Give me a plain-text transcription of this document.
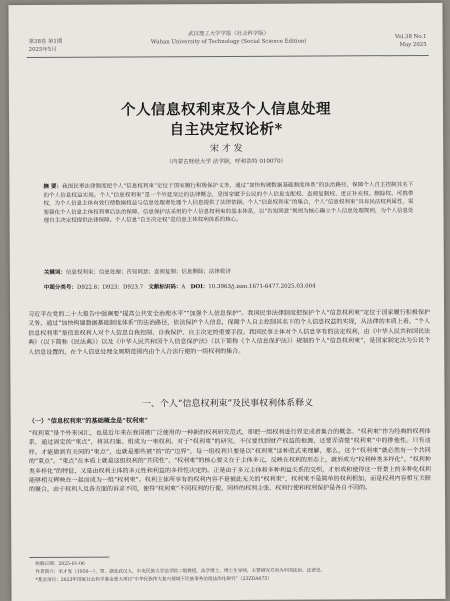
第38卷 第1期
2025年5月
武汉理工大学学报（社会科学版）
Wuhan University of Technology (Social Science Edition)
Vol.38 No.1
May 2025
个人信息权利束及个人信息处理
自主决定权论析*
宋 才 发
（内蒙古财经大学 法学院，呼和浩特 010070）
摘 要：我国民事法律制度把个人“信息权利束”定位于国家履行积极保护义务，通过“加快构建数据基础制度体系”的法治路径，保障个人自主控制其名下的个人信息权益实现。个人“信息权利束”是一个外延宽泛的法律概念，是国家赋予公民的个人信息支配权、查阅复制权、更正补充权、删除权、可携带权，为个人信息主体有效行使数据权益与信息处理者处理个人信息提供了法律依据。个人“信息权利束”的集合，个人“信息权利束”具有民法权利属性，需要强化个人信息主体权利事后法治保障，信息保护法采用的个人信息权利束的基本体系，以“告知同意”规则为核心确立个人信息处理规则，为个人信息处理自主决定权提供法律保障。个人信息“自主决定权”是信息主体权利体系的核心。
关键词：信息权利束；信息处理；告知同意；查阅复制；信息删除；法律救济
中图分类号：D922.8；D923；D923.7 文献标识码：A DOI：10.3963/j.issn.1671-6477.2025.03.004
习近平在党的二十大报告中强调要“提高公共安全治理水平”“加强个人信息保护”。我国民事法律制度把保护个人“信息权利束”定位于国家履行积极保护义务，通过“加快构建数据基础制度体系”的法治路径，依法保护个人信息，保障个人自主控制其名下的个人信息权益的实现，从法律的本质上看，“个人信息权利束”是信息权利人对个人信息自我控制、自我保护、自主决定的重要手段。我国民事主体对个人信息享有的法定权利，由《中华人民共和国民法典》（以下简称《民法典》）以及《中华人民共和国个人信息保护法》（以下简称《个人信息保护法》）规制的个人“信息权利束”，是国家制定法为公民个人信息设置的，在个人信息处理全周期范围内由个人合法行使的一组权利的集合。
一、个人“信息权利束”及民事权利体系释义
（一）“信息权利束”的基础概念是“权利束”
“权利束”是个外来词汇，也是近年来在我国被广泛使用的一种新的权利研究范式，即把一组权利进行界定或者集合的概念。“权利束”作为经典的权利体系，通过固定的“束点”，将其归集、组成为一束权利。对于“权利束”的研究，不仅要找到财产权益的根源，还要弄清楚“权利束”中的排他性。只有这样，才能做到有关同的“束点”，也就是那些被“的”的“边界”，每一组权利只要是以“权利束”这种范式来理解，那么，这个“权利束”就必然有一个共同的“束点”。“束点”在本质上就是这组权利的“共同性”，“权利束”的核心要义在于主体多元，反映在权利的形态上，就形成为“权利种类多样化”。“权利种类多样化”的特征，又是由权利主体的多元性和利益的多样性决定的。正是由于多元主体和多种利益关系的交织，才形成和使得这一背景上的多种化权利能够相互辉映在一起而成为一组“权利束”。权利主体所享有的权利内容不是被此无关的“权利束”，权利束不是简单的权利相加，而是权利内容相互关联的聚合，由于权利人及各方面的诉求不同，使得“权利束”不同权利的行使，同样的权利主张、权利行使和权利保护是各自不同的。
收稿日期：2025-01-06
作者简介：宋才发（1950—），男，湖北武汉人，中央民族大学法学院二级教授，法学博士，博士生导师，主要研究方向为中国法治、法律史。
*基金项目：2023年国家社会科学基金重大项目“中华民族伟大复兴视域下民族事务治理法治化研究”（23ZDA075）
